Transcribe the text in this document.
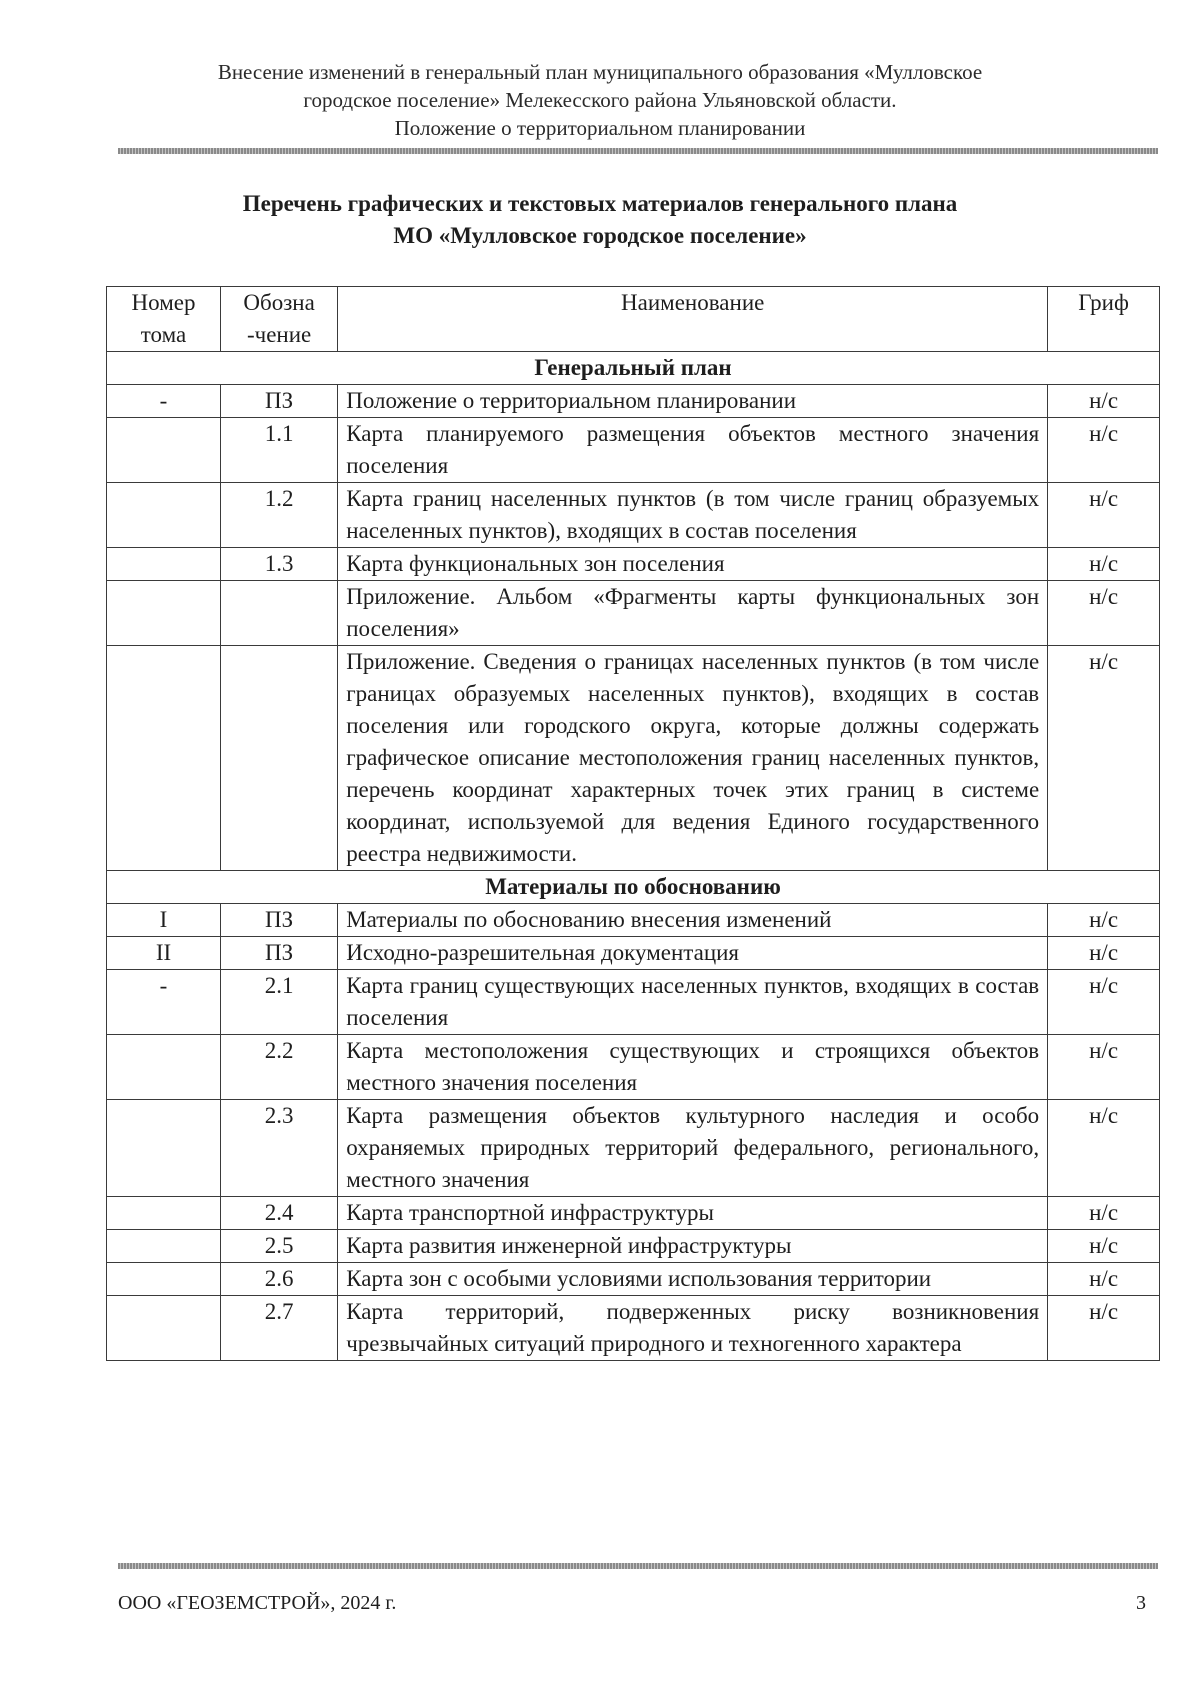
Внесение изменений в генеральный план муниципального образования «Мулловское
городское поселение» Мелекесского района Ульяновской области.
Положение о территориальном планировании
Перечень графических и текстовых материалов генерального плана
МО «Мулловское городское поселение»
Номер тома	Обозна -чение	Наименование	Гриф
Генеральный план			
-	ПЗ	Положение о территориальном планировании	н/с
	1.1	Карта планируемого размещения объектов местного значения поселения	н/с
	1.2	Карта границ населенных пунктов (в том числе границ образуемых населенных пунктов), входящих в состав поселения	н/с
	1.3	Карта функциональных зон поселения	н/с
		Приложение. Альбом «Фрагменты карты функциональных зон поселения»	н/с
		Приложение. Сведения о границах населенных пунктов (в том числе границах образуемых населенных пунктов), входящих в состав поселения или городского округа, которые должны содержать графическое описание местоположения границ населенных пунктов, перечень координат характерных точек этих границ в системе координат, используемой для ведения Единого государственного реестра недвижимости.	н/с
Материалы по обоснованию			
I	ПЗ	Материалы по обоснованию внесения изменений	н/с
II	ПЗ	Исходно-разрешительная документация	н/с
-	2.1	Карта границ существующих населенных пунктов, входящих в состав поселения	н/с
	2.2	Карта местоположения существующих и строящихся объектов местного значения поселения	н/с
	2.3	Карта размещения объектов культурного наследия и особо охраняемых природных территорий федерального, регионального, местного значения	н/с
	2.4	Карта транспортной инфраструктуры	н/с
	2.5	Карта развития инженерной инфраструктуры	н/с
	2.6	Карта зон с особыми условиями использования территории	н/с
	2.7	Карта территорий, подверженных риску возникновения чрезвычайных ситуаций природного и техногенного характера	н/с
ООО «ГЕОЗЕМСТРОЙ», 2024 г.	3
